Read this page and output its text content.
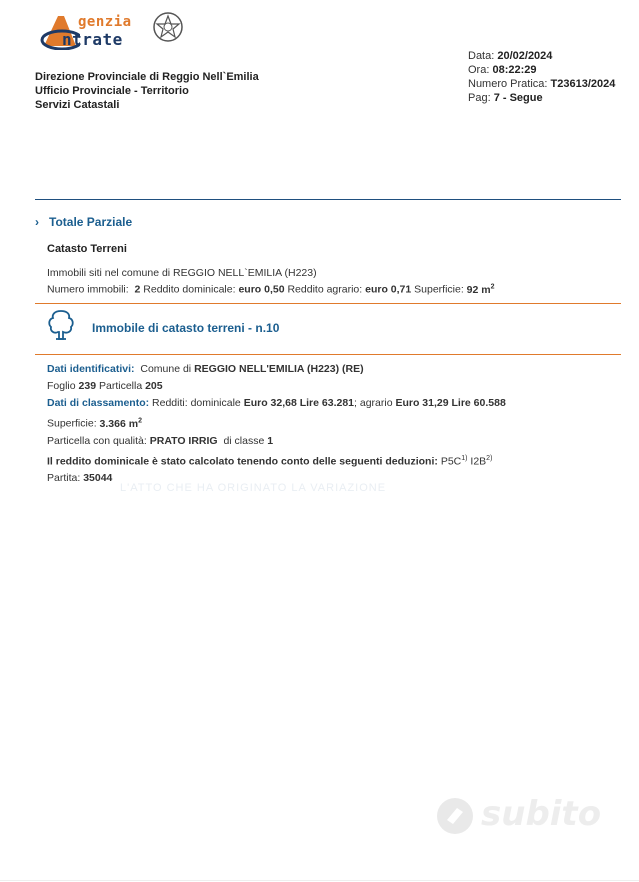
genzia
ntrate
Direzione Provinciale di Reggio Nell`Emilia
Ufficio Provinciale - Territorio
Servizi Catastali
Data: 20/02/2024
Ora: 08:22:29
Numero Pratica: T23613/2024
Pag: 7 - Segue
› Totale Parziale
Catasto Terreni
Immobili siti nel comune di REGGIO NELL`EMILIA (H223)
Numero immobili: 2 Reddito dominicale: euro 0,50 Reddito agrario: euro 0,71 Superficie: 92 $m^2$
Immobile di catasto terreni - n.10
Dati identificativi: Comune di REGGIO NELL'EMILIA (H223) (RE)
Foglio 239 Particella 205
Dati di classamento: Redditi: dominicale Euro 32,68 Lire 63.281; agrario Euro 31,29 Lire 60.588
Superficie: 3.366 $m^2$
Particella con qualità: PRATO IRRIG di classe 1
Il reddito dominicale è stato calcolato tenendo conto delle seguenti deduzioni: $P5C^{1)}$ $I2B^{2)}$
Partita: 35044
L'ATTO CHE HA ORIGINATO LA VARIAZIONE
subito
